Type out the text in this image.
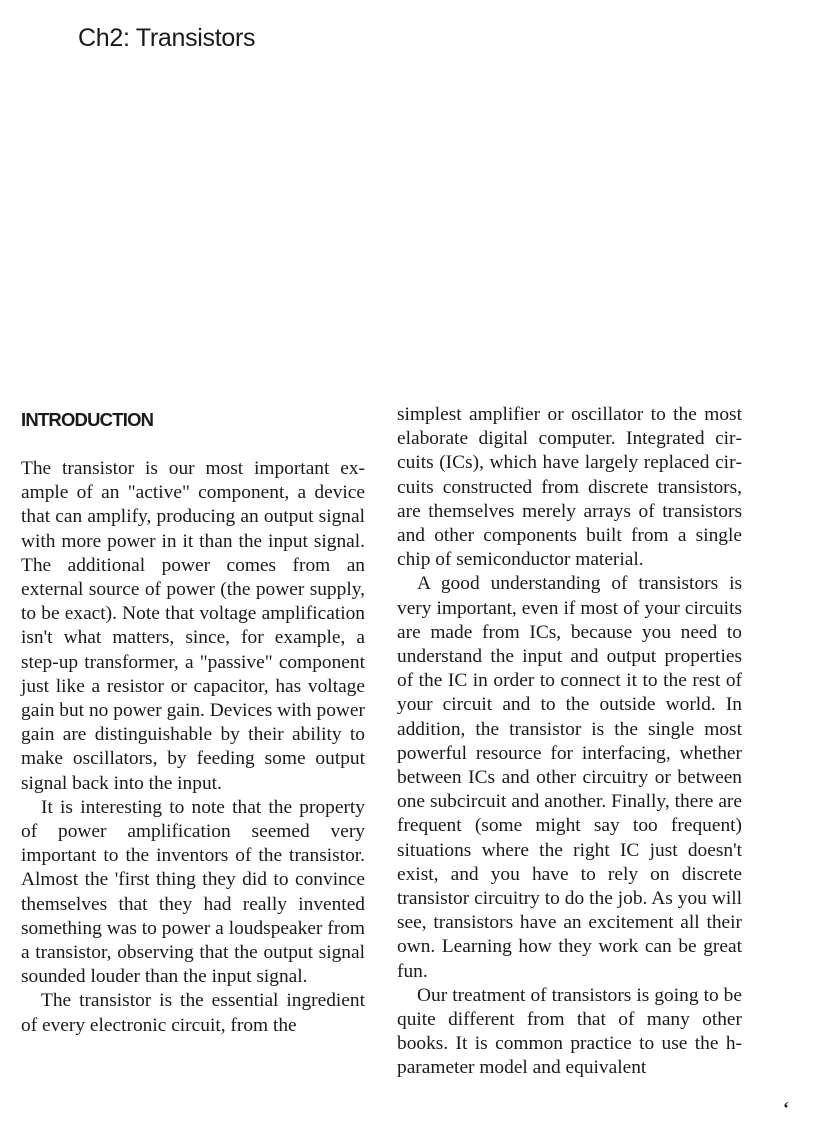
Ch2: Transistors
INTRODUCTION

The transistor is our most important example of an "active" component, a device that can amplify, producing an output signal with more power in it than the input signal. The additional power comes from an external source of power (the power supply, to be exact). Note that voltage amplification isn't what matters, since, for example, a step-up transformer, a "passive" component just like a resistor or capacitor, has voltage gain but no power gain. Devices with power gain are distinguishable by their ability to make oscillators, by feeding some output signal back into the input.

It is interesting to note that the property of power amplification seemed very important to the inventors of the transistor. Almost the 'first thing they did to convince themselves that they had really invented something was to power a loudspeaker from a transistor, observing that the output signal sounded louder than the input signal.

The transistor is the essential ingredient of every electronic circuit, from the

simplest amplifier or oscillator to the most elaborate digital computer. Integrated circuits (ICs), which have largely replaced circuits constructed from discrete transistors, are themselves merely arrays of transistors and other components built from a single chip of semiconductor material.

A good understanding of transistors is very important, even if most of your circuits are made from ICs, because you need to understand the input and output properties of the IC in order to connect it to the rest of your circuit and to the outside world. In addition, the transistor is the single most powerful resource for interfacing, whether between ICs and other circuitry or between one subcircuit and another. Finally, there are frequent (some might say too frequent) situations where the right IC just doesn't exist, and you have to rely on discrete transistor circuitry to do the job. As you will see, transistors have an excitement all their own. Learning how they work can be great fun.

Our treatment of transistors is going to be quite different from that of many other books. It is common practice to use the h-parameter model and equivalent

‘
